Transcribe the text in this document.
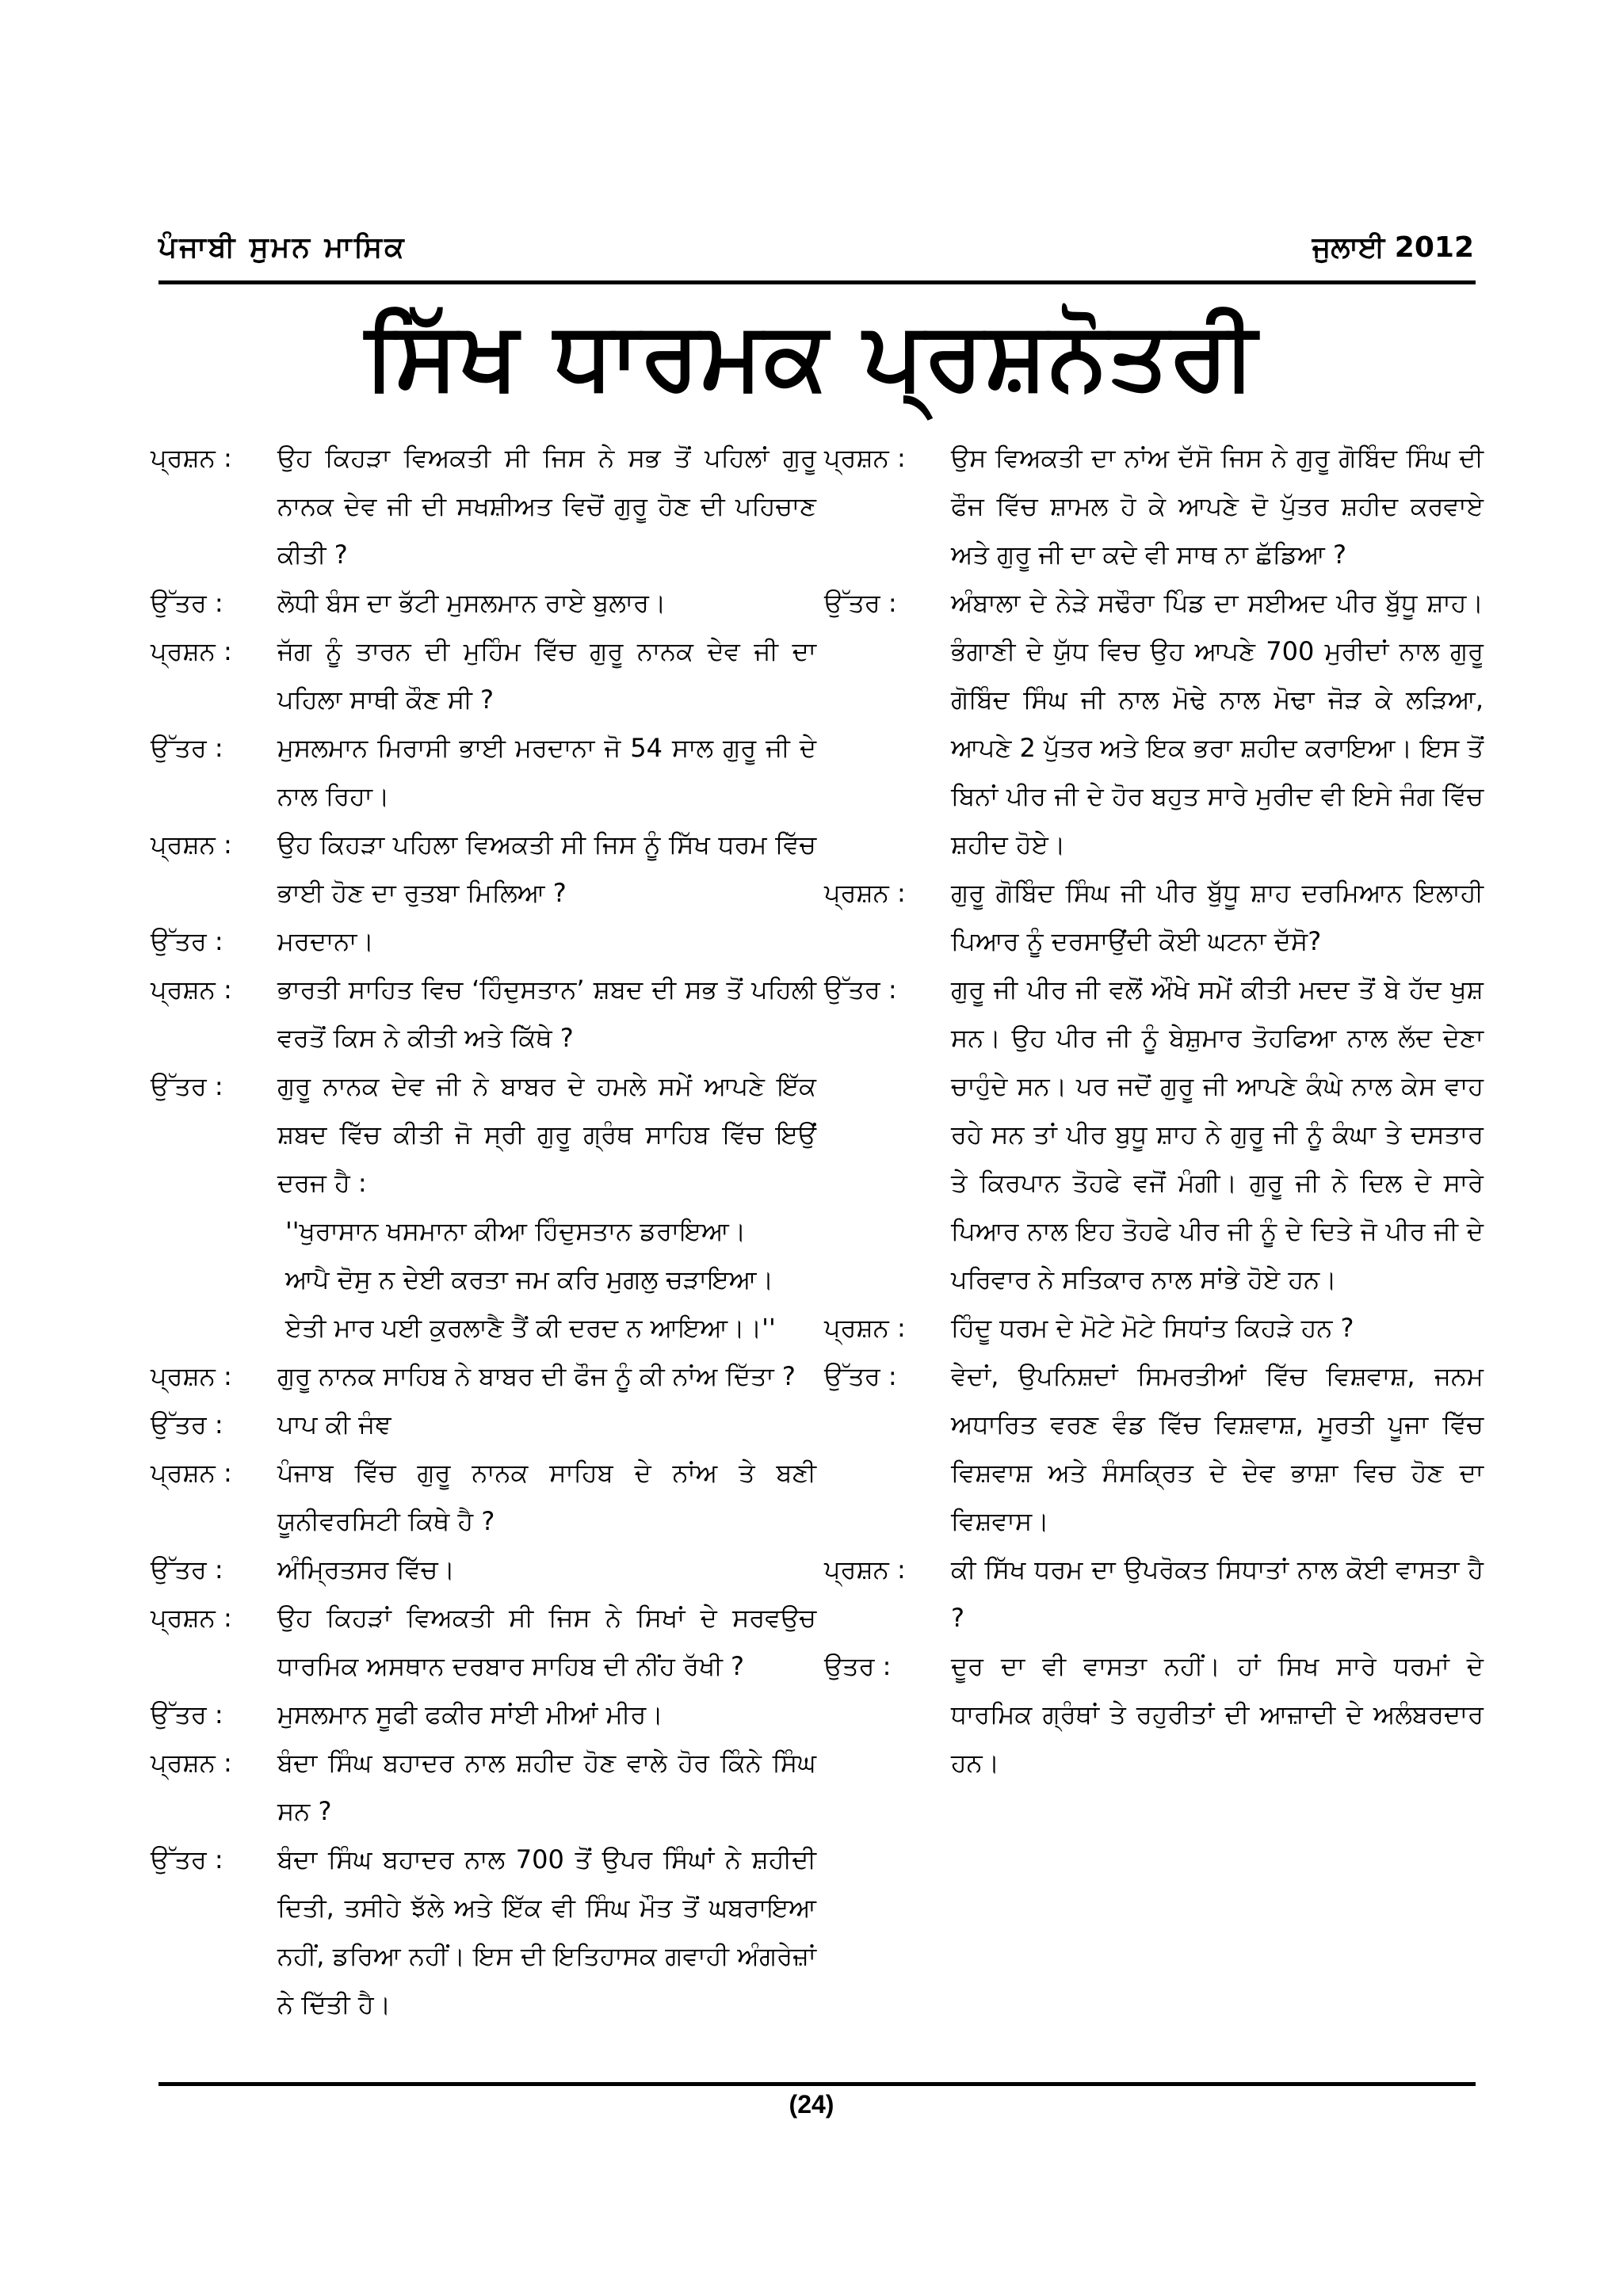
ਪੰਜਾਬੀ ਸੁਮਨ ਮਾਸਿਕ	ਜੁਲਾਈ 2012
ਸਿੱਖ ਧਾਰਮਕ ਪ੍ਰਸ਼ਨੋਤਰੀ
ਪ੍ਰਸ਼ਨ :	ਉਹ ਕਿਹੜਾ ਵਿਅਕਤੀ ਸੀ ਜਿਸ ਨੇ ਸਭ ਤੋਂ ਪਹਿਲਾਂ ਗੁਰੂ ਨਾਨਕ ਦੇਵ ਜੀ ਦੀ ਸਖਸ਼ੀਅਤ ਵਿਚੋਂ ਗੁਰੂ ਹੋਣ ਦੀ ਪਹਿਚਾਣ ਕੀਤੀ ?
ਉੱਤਰ :	ਲੋਧੀ ਬੰਸ ਦਾ ਭੱਟੀ ਮੁਸਲਮਾਨ ਰਾਏ ਬੁਲਾਰ।
ਪ੍ਰਸ਼ਨ :	ਜੱਗ ਨੂੰ ਤਾਰਨ ਦੀ ਮੁਹਿੰਮ ਵਿੱਚ ਗੁਰੂ ਨਾਨਕ ਦੇਵ ਜੀ ਦਾ ਪਹਿਲਾ ਸਾਥੀ ਕੌਣ ਸੀ ?
ਉੱਤਰ :	ਮੁਸਲਮਾਨ ਮਿਰਾਸੀ ਭਾਈ ਮਰਦਾਨਾ ਜੋ 54 ਸਾਲ ਗੁਰੂ ਜੀ ਦੇ ਨਾਲ ਰਿਹਾ।
ਪ੍ਰਸ਼ਨ :	ਉਹ ਕਿਹੜਾ ਪਹਿਲਾ ਵਿਅਕਤੀ ਸੀ ਜਿਸ ਨੂੰ ਸਿੱਖ ਧਰਮ ਵਿੱਚ ਭਾਈ ਹੋਣ ਦਾ ਰੁਤਬਾ ਮਿਲਿਆ ?
ਉੱਤਰ :	ਮਰਦਾਨਾ।
ਪ੍ਰਸ਼ਨ :	ਭਾਰਤੀ ਸਾਹਿਤ ਵਿਚ ‘ਹਿੰਦੁਸਤਾਨ’ ਸ਼ਬਦ ਦੀ ਸਭ ਤੋਂ ਪਹਿਲੀ ਵਰਤੋਂ ਕਿਸ ਨੇ ਕੀਤੀ ਅਤੇ ਕਿੱਥੇ ?
ਉੱਤਰ :	ਗੁਰੂ ਨਾਨਕ ਦੇਵ ਜੀ ਨੇ ਬਾਬਰ ਦੇ ਹਮਲੇ ਸਮੇਂ ਆਪਣੇ ਇੱਕ ਸ਼ਬਦ ਵਿੱਚ ਕੀਤੀ ਜੋ ਸ੍ਰੀ ਗੁਰੂ ਗ੍ਰੰਥ ਸਾਹਿਬ ਵਿੱਚ ਇਉਂ ਦਰਜ ਹੈ :
''ਖੁਰਾਸਾਨ ਖਸਮਾਨਾ ਕੀਆ ਹਿੰਦੁਸਤਾਨ ਡਰਾਇਆ।
ਆਪੈ ਦੋਸੁ ਨ ਦੇਈ ਕਰਤਾ ਜਮ ਕਰਿ ਮੁਗਲੁ ਚੜਾਇਆ।
ਏਤੀ ਮਾਰ ਪਈ ਕੁਰਲਾਣੈ ਤੈਂ ਕੀ ਦਰਦ ਨ ਆਇਆ।।''
ਪ੍ਰਸ਼ਨ :	ਗੁਰੂ ਨਾਨਕ ਸਾਹਿਬ ਨੇ ਬਾਬਰ ਦੀ ਫੌਜ ਨੂੰ ਕੀ ਨਾਂਅ ਦਿੱਤਾ ?
ਉੱਤਰ :	ਪਾਪ ਕੀ ਜੰਞ
ਪ੍ਰਸ਼ਨ :	ਪੰਜਾਬ ਵਿੱਚ ਗੁਰੂ ਨਾਨਕ ਸਾਹਿਬ ਦੇ ਨਾਂਅ ਤੇ ਬਣੀ ਯੂਨੀਵਰਸਿਟੀ ਕਿਥੇ ਹੈ ?
ਉੱਤਰ :	ਅੰਮ੍ਰਿਤਸਰ ਵਿੱਚ।
ਪ੍ਰਸ਼ਨ :	ਉਹ ਕਿਹੜਾਂ ਵਿਅਕਤੀ ਸੀ ਜਿਸ ਨੇ ਸਿਖਾਂ ਦੇ ਸਰਵਉਚ ਧਾਰਮਿਕ ਅਸਥਾਨ ਦਰਬਾਰ ਸਾਹਿਬ ਦੀ ਨੀਂਹ ਰੱਖੀ ?
ਉੱਤਰ :	ਮੁਸਲਮਾਨ ਸੂਫੀ ਫਕੀਰ ਸਾਂਈ ਮੀਆਂ ਮੀਰ।
ਪ੍ਰਸ਼ਨ :	ਬੰਦਾ ਸਿੰਘ ਬਹਾਦਰ ਨਾਲ ਸ਼ਹੀਦ ਹੋਣ ਵਾਲੇ ਹੋਰ ਕਿੰਨੇ ਸਿੰਘ ਸਨ ?
ਉੱਤਰ :	ਬੰਦਾ ਸਿੰਘ ਬਹਾਦਰ ਨਾਲ 700 ਤੋਂ ਉਪਰ ਸਿੰਘਾਂ ਨੇ ਸ਼ਹੀਦੀ ਦਿਤੀ, ਤਸੀਹੇ ਝੱਲੇ ਅਤੇ ਇੱਕ ਵੀ ਸਿੰਘ ਮੌਤ ਤੋਂ ਘਬਰਾਇਆ ਨਹੀਂ, ਡਰਿਆ ਨਹੀਂ। ਇਸ ਦੀ ਇਤਿਹਾਸਕ ਗਵਾਹੀ ਅੰਗਰੇਜ਼ਾਂ ਨੇ ਦਿੱਤੀ ਹੈ।
ਪ੍ਰਸ਼ਨ :	ਉਸ ਵਿਅਕਤੀ ਦਾ ਨਾਂਅ ਦੱਸੋ ਜਿਸ ਨੇ ਗੁਰੂ ਗੋਬਿੰਦ ਸਿੰਘ ਦੀ ਫੌਜ ਵਿੱਚ ਸ਼ਾਮਲ ਹੋ ਕੇ ਆਪਣੇ ਦੋ ਪੁੱਤਰ ਸ਼ਹੀਦ ਕਰਵਾਏ ਅਤੇ ਗੁਰੂ ਜੀ ਦਾ ਕਦੇ ਵੀ ਸਾਥ ਨਾ ਛੱਡਿਆ ?
ਉੱਤਰ :	ਅੰਬਾਲਾ ਦੇ ਨੇੜੇ ਸਢੌਰਾ ਪਿੰਡ ਦਾ ਸਈਅਦ ਪੀਰ ਬੁੱਧੂ ਸ਼ਾਹ। ਭੰਗਾਣੀ ਦੇ ਯੁੱਧ ਵਿਚ ਉਹ ਆਪਣੇ 700 ਮੁਰੀਦਾਂ ਨਾਲ ਗੁਰੂ ਗੋਬਿੰਦ ਸਿੰਘ ਜੀ ਨਾਲ ਮੋਢੇ ਨਾਲ ਮੋਢਾ ਜੋੜ ਕੇ ਲੜਿਆ, ਆਪਣੇ 2 ਪੁੱਤਰ ਅਤੇ ਇਕ ਭਰਾ ਸ਼ਹੀਦ ਕਰਾਇਆ। ਇਸ ਤੋਂ ਬਿਨਾਂ ਪੀਰ ਜੀ ਦੇ ਹੋਰ ਬਹੁਤ ਸਾਰੇ ਮੁਰੀਦ ਵੀ ਇਸੇ ਜੰਗ ਵਿੱਚ ਸ਼ਹੀਦ ਹੋਏ।
ਪ੍ਰਸ਼ਨ :	ਗੁਰੂ ਗੋਬਿੰਦ ਸਿੰਘ ਜੀ ਪੀਰ ਬੁੱਧੂ ਸ਼ਾਹ ਦਰਮਿਆਨ ਇਲਾਹੀ ਪਿਆਰ ਨੂੰ ਦਰਸਾਉਂਦੀ ਕੋਈ ਘਟਨਾ ਦੱਸੋ?
ਉੱਤਰ :	ਗੁਰੂ ਜੀ ਪੀਰ ਜੀ ਵਲੋਂ ਔਖੇ ਸਮੇਂ ਕੀਤੀ ਮਦਦ ਤੋਂ ਬੇ ਹੱਦ ਖੁਸ਼ ਸਨ। ਉਹ ਪੀਰ ਜੀ ਨੂੰ ਬੇਸ਼ੁਮਾਰ ਤੋਹਫਿਆ ਨਾਲ ਲੱਦ ਦੇਣਾ ਚਾਹੁੰਦੇ ਸਨ। ਪਰ ਜਦੋਂ ਗੁਰੂ ਜੀ ਆਪਣੇ ਕੰਘੇ ਨਾਲ ਕੇਸ ਵਾਹ ਰਹੇ ਸਨ ਤਾਂ ਪੀਰ ਬੁਧੂ ਸ਼ਾਹ ਨੇ ਗੁਰੂ ਜੀ ਨੂੰ ਕੰਘਾ ਤੇ ਦਸਤਾਰ ਤੇ ਕਿਰਪਾਨ ਤੋਹਫੇ ਵਜੋਂ ਮੰਗੀ। ਗੁਰੂ ਜੀ ਨੇ ਦਿਲ ਦੇ ਸਾਰੇ ਪਿਆਰ ਨਾਲ ਇਹ ਤੋਹਫੇ ਪੀਰ ਜੀ ਨੂੰ ਦੇ ਦਿਤੇ ਜੋ ਪੀਰ ਜੀ ਦੇ ਪਰਿਵਾਰ ਨੇ ਸਤਿਕਾਰ ਨਾਲ ਸਾਂਭੇ ਹੋਏ ਹਨ।
ਪ੍ਰਸ਼ਨ :	ਹਿੰਦੂ ਧਰਮ ਦੇ ਮੋਟੇ ਮੋਟੇ ਸਿਧਾਂਤ ਕਿਹੜੇ ਹਨ ?
ਉੱਤਰ :	ਵੇਦਾਂ, ਉਪਨਿਸ਼ਦਾਂ ਸਿਮਰਤੀਆਂ ਵਿੱਚ ਵਿਸ਼ਵਾਸ਼, ਜਨਮ ਅਧਾਰਿਤ ਵਰਣ ਵੰਡ ਵਿੱਚ ਵਿਸ਼ਵਾਸ਼, ਮੂਰਤੀ ਪੂਜਾ ਵਿੱਚ ਵਿਸ਼ਵਾਸ਼ ਅਤੇ ਸੰਸਕ੍ਰਿਤ ਦੇ ਦੇਵ ਭਾਸ਼ਾ ਵਿਚ ਹੋਣ ਦਾ ਵਿਸ਼ਵਾਸ।
ਪ੍ਰਸ਼ਨ :	ਕੀ ਸਿੱਖ ਧਰਮ ਦਾ ਉਪਰੋਕਤ ਸਿਧਾਤਾਂ ਨਾਲ ਕੋਈ ਵਾਸਤਾ ਹੈ ?
ਉਤਰ :	ਦੂਰ ਦਾ ਵੀ ਵਾਸਤਾ ਨਹੀਂ। ਹਾਂ ਸਿਖ ਸਾਰੇ ਧਰਮਾਂ ਦੇ ਧਾਰਮਿਕ ਗ੍ਰੰਥਾਂ ਤੇ ਰਹੁਰੀਤਾਂ ਦੀ ਆਜ਼ਾਦੀ ਦੇ ਅਲੰਬਰਦਾਰ ਹਨ।
(24)
